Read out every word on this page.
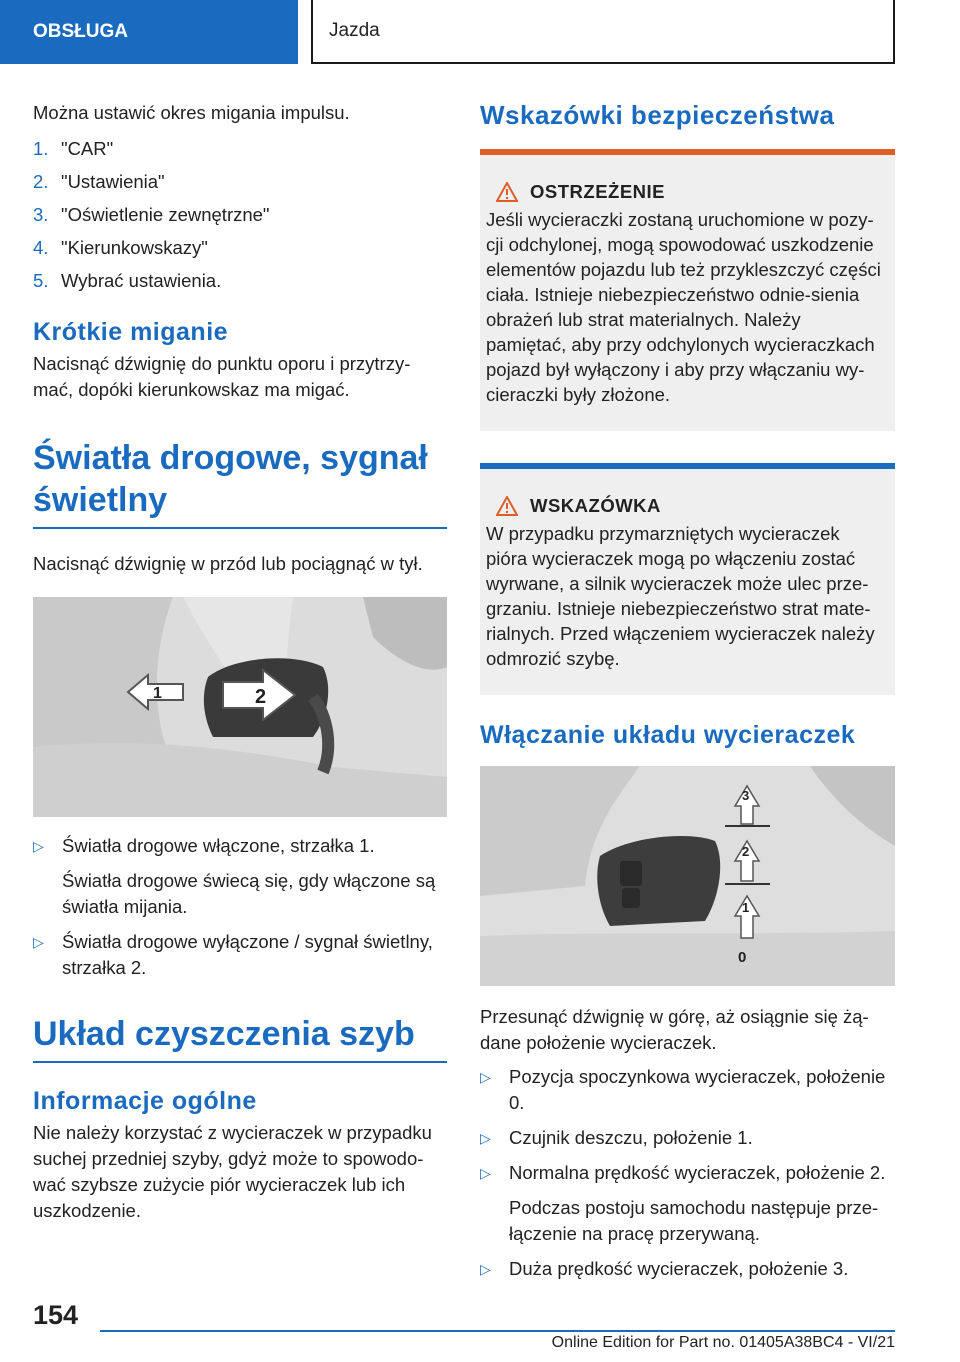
OBSŁUGA	Jazda

Można ustawić okres migania impulsu.

1. "CAR"
2. "Ustawienia"
3. "Oświetlenie zewnętrzne"
4. "Kierunkowskazy"
5. Wybrać ustawienia.
Krótkie miganie

Nacisnąć dźwignię do punktu oporu i przytrzy-mać, dopóki kierunkowskaz ma migać.

Światła drogowe, sygnał świetlny

Nacisnąć dźwignię w przód lub pociągnąć w tył.

1	2
▷ Światła drogowe włączone, strzałka 1.
Światła drogowe świecą się, gdy włączone są światła mijania.
▷ Światła drogowe wyłączone / sygnał świetlny, strzałka 2.
Układ czyszczenia szyb
Informacje ogólne

Nie należy korzystać z wycieraczek w przypadku suchej przedniej szyby, gdyż może to spowodo-wać szybsze zużycie piór wycieraczek lub ich uszkodzenie.

Wskazówki bezpieczeństwa
OSTRZEŻENIE

Jeśli wycieraczki zostaną uruchomione w pozy-cji odchylonej, mogą spowodować uszkodzenie elementów pojazdu lub też przykleszczyć części ciała. Istnieje niebezpieczeństwo odnie-sienia obrażeń lub strat materialnych. Należy pamiętać, aby przy odchylonych wycieraczkach pojazd był wyłączony i aby przy włączaniu wy-cieraczki były złożone.

WSKAZÓWKA

W przypadku przymarzniętych wycieraczek pióra wycieraczek mogą po włączeniu zostać wyrwane, a silnik wycieraczek może ulec prze-grzaniu. Istnieje niebezpieczeństwo strat mate-rialnych. Przed włączeniem wycieraczek należy odmrozić szybę.

Włączanie układu wycieraczek
3
2
1
0

Przesunąć dźwignię w górę, aż osiągnie się żą-dane położenie wycieraczek.

▷ Pozycja spoczynkowa wycieraczek, położenie 0.
▷ Czujnik deszczu, położenie 1.
▷ Normalna prędkość wycieraczek, położenie 2.
Podczas postoju samochodu następuje prze-łączenie na pracę przerywaną.
▷ Duża prędkość wycieraczek, położenie 3.
154
Online Edition for Part no. 01405A38BC4 - VI/21
